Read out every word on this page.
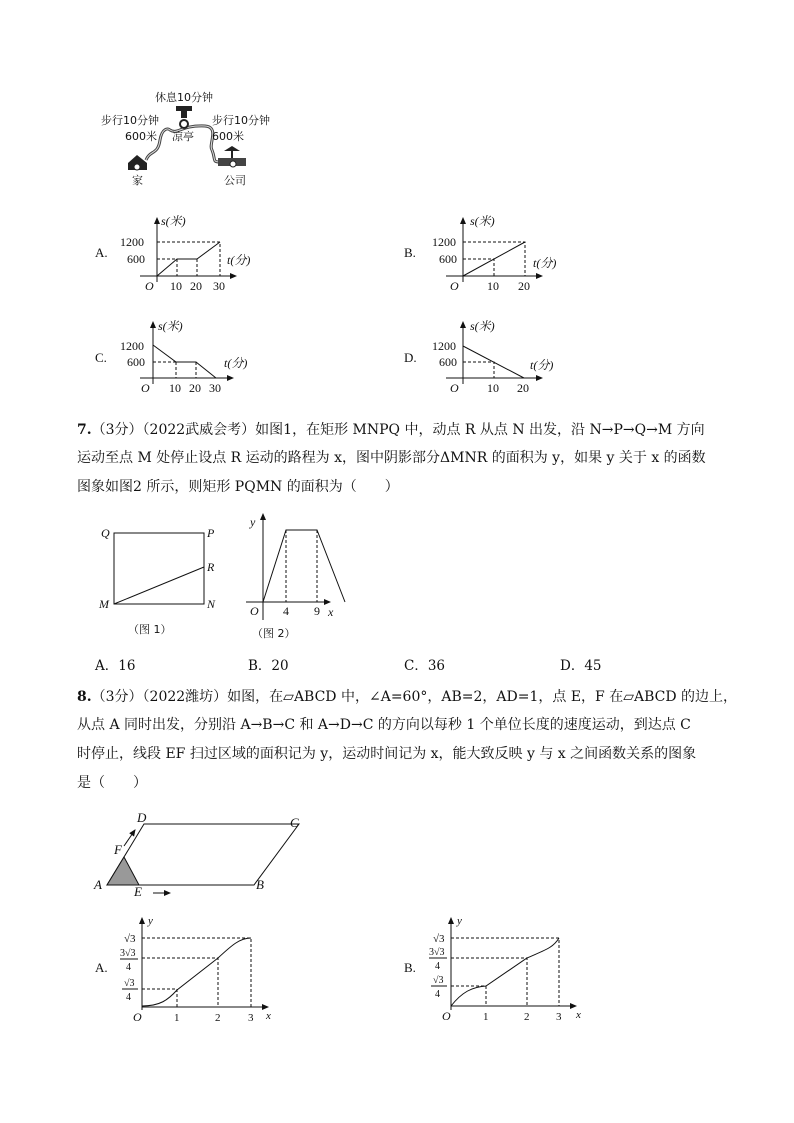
7.（3分）（2022武威会考）如图1，在矩形 MNPQ 中，动点 R 从点 N 出发，沿 N→P→Q→M 方向
运动至点 M 处停止设点 R 运动的路程为 x，图中阴影部分ΔMNR 的面积为 y，如果 y 关于 x 的函数
图象如图2 所示，则矩形 PQMN 的面积为（　　）
A．16	B．20	C．36	D．45
8.（3分）（2022潍坊）如图，在▱ABCD 中，∠A=60°，AB=2，AD=1，点 E，F 在▱ABCD 的边上，
从点 A 同时出发，分别沿 A→B→C 和 A→D→C 的方向以每秒 1 个单位长度的速度运动，到达点 C
时停止，线段 EF 扫过区域的面积记为 y，运动时间记为 x，能大致反映 y 与 x 之间函数关系的图象
是（　　）
休息10分钟
步行10分钟
600米 凉亭
步行10分钟
600米
家	公司
A.
s(米)
t(分)
1200
600
O 10 20 30
B.
s(米)
t(分)
1200
600
O 10 20
C.
s(米)
t(分)
1200
600
O 10 20 30
D.
s(米)
t(分)
1200
600
O 10 20
Q	P
R
M	N
（图 1）
y
x
O 4 9
（图 2）
A	B
C
D
E
F
A.
y
x
O	1	2	3
√3
3√3
4
√3
4
B.
y
x
O	1	2 3
√3
3√3
4
√3
4
